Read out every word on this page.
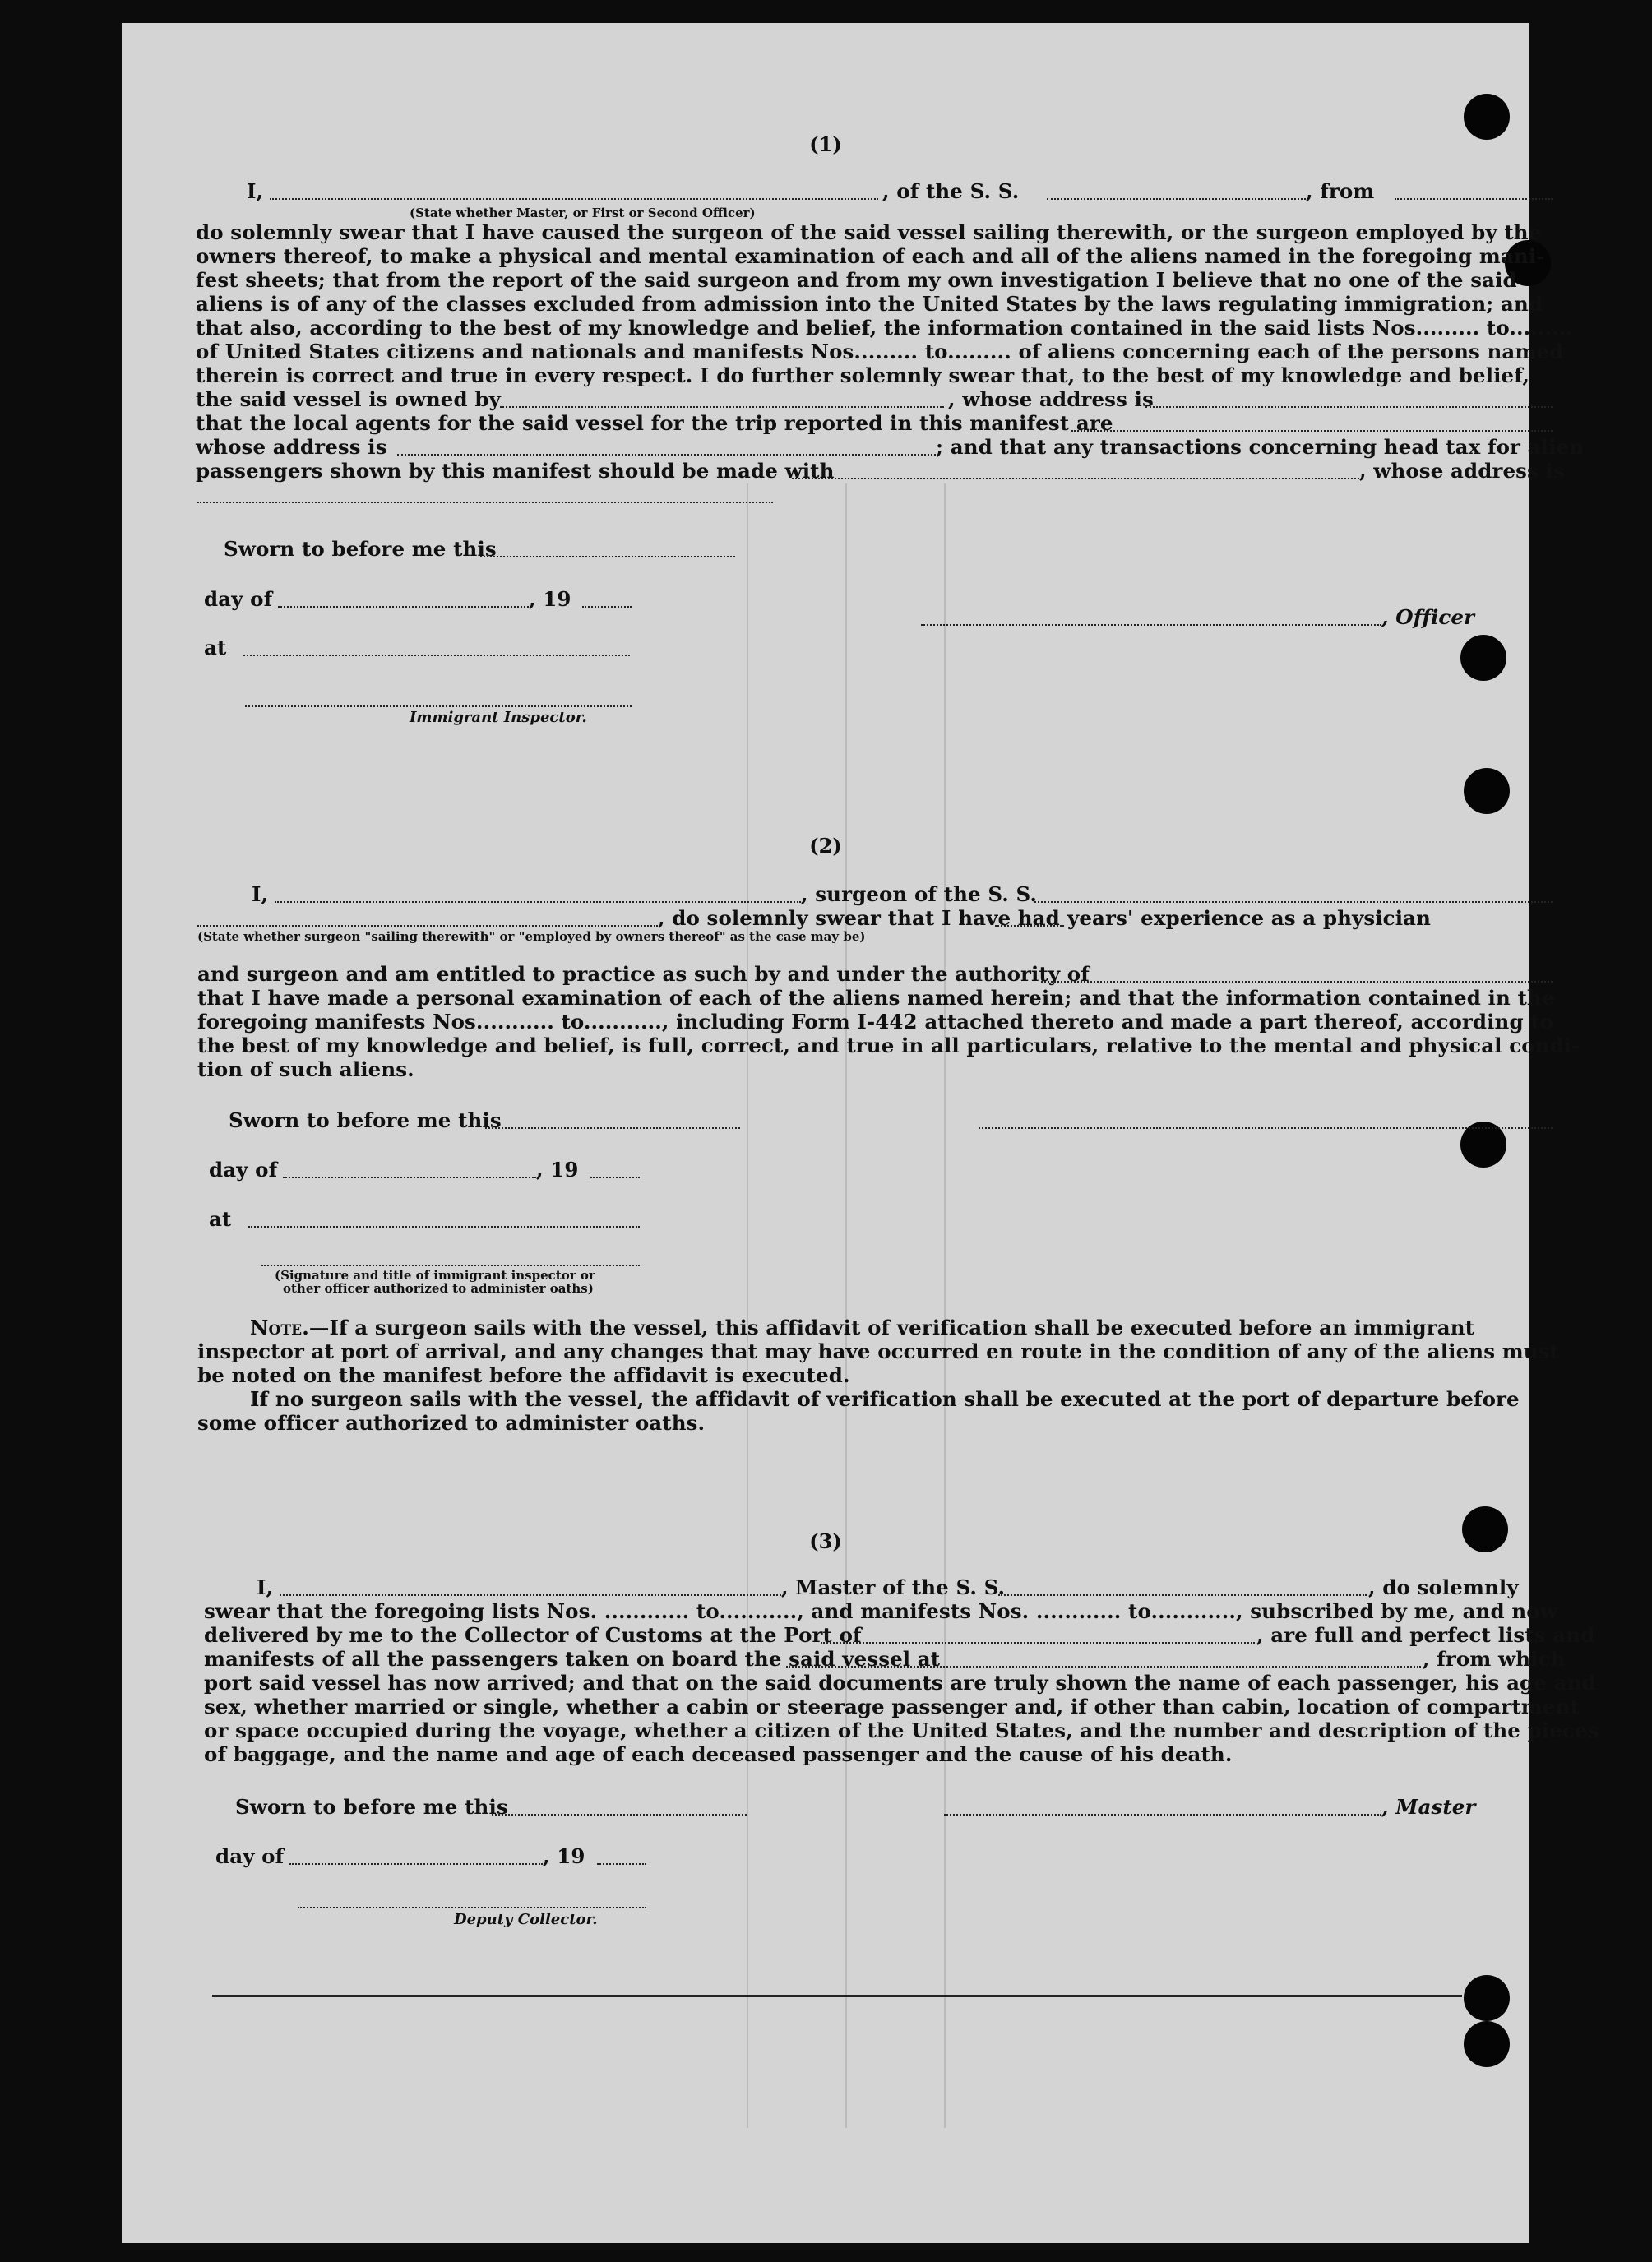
(1)
I,	, of the S. S.	, from
(State whether Master, or First or Second Officer)
do solemnly swear that I have caused the surgeon of the said vessel sailing therewith, or the surgeon employed by the
owners thereof, to make a physical and mental examination of each and all of the aliens named in the foregoing mani-
fest sheets; that from the report of the said surgeon and from my own investigation I believe that no one of the said
aliens is of any of the classes excluded from admission into the United States by the laws regulating immigration; and
that also, according to the best of my knowledge and belief, the information contained in the said lists Nos......... to.........
of United States citizens and nationals and manifests Nos......... to......... of aliens concerning each of the persons named
therein is correct and true in every respect. I do further solemnly swear that, to the best of my knowledge and belief,
the said vessel is owned by	, whose address is
that the local agents for the said vessel for the trip reported in this manifest are
whose address is	; and that any transactions concerning head tax for alien
passengers shown by this manifest should be made with	, whose address is
Sworn to before me this
day of	, 19
at
, Officer
Immigrant Inspector.
(2)
I,	, surgeon of the S. S.
, do solemnly swear that I have had years' experience as a physician
(State whether surgeon "sailing therewith" or "employed by owners thereof" as the case may be)
and surgeon and am entitled to practice as such by and under the authority of
that I have made a personal examination of each of the aliens named herein; and that the information contained in the
foregoing manifests Nos........... to..........., including Form I-442 attached thereto and made a part thereof, according to
the best of my knowledge and belief, is full, correct, and true in all particulars, relative to the mental and physical condi-
tion of such aliens.
Sworn to before me this
day of	, 19
at
(Signature and title of immigrant inspector or
other officer authorized to administer oaths)
Note.—If a surgeon sails with the vessel, this affidavit of verification shall be executed before an immigrant
inspector at port of arrival, and any changes that may have occurred en route in the condition of any of the aliens must
be noted on the manifest before the affidavit is executed.
If no surgeon sails with the vessel, the affidavit of verification shall be executed at the port of departure before
some officer authorized to administer oaths.
(3)
I,	, Master of the S. S.	, do solemnly
swear that the foregoing lists Nos. ............ to..........., and manifests Nos. ............ to............, subscribed by me, and now
delivered by me to the Collector of Customs at the Port of	, are full and perfect lists and
manifests of all the passengers taken on board the said vessel at	, from which
port said vessel has now arrived; and that on the said documents are truly shown the name of each passenger, his age and
sex, whether married or single, whether a cabin or steerage passenger and, if other than cabin, location of compartment
or space occupied during the voyage, whether a citizen of the United States, and the number and description of the pieces
of baggage, and the name and age of each deceased passenger and the cause of his death.
Sworn to before me this	, Master
day of	, 19
Deputy Collector.
